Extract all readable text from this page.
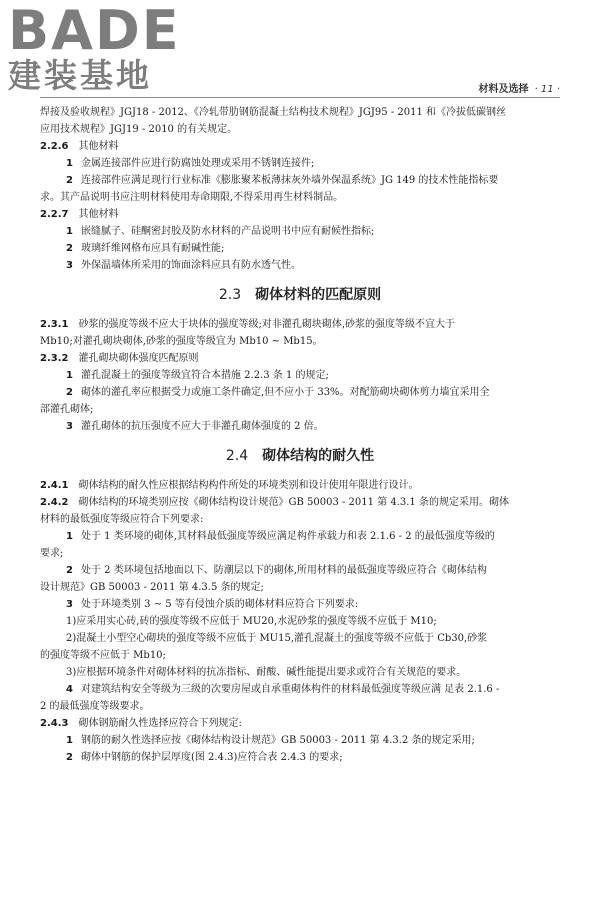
BADE
建装基地	材料及选择 · 11 ·

焊接及验收规程》JGJ18 - 2012、《冷轧带肋钢筋混凝土结构技术规程》JGJ95 - 2011 和《冷拔低碳钢丝

应用技术规程》JGJ19 - 2010 的有关规定。

2.2.6 其他材料

1 金属连接部件应进行防腐蚀处理或采用不锈钢连接件;

2 连接部件应满足现行行业标准《膨胀聚苯板薄抹灰外墙外保温系统》JG 149 的技术性能指标要

求。其产品说明书应注明材料使用寿命期限,不得采用再生材料制品。

2.2.7 其他材料

1 嵌缝腻子、硅酮密封胶及防水材料的产品说明书中应有耐候性指标;

2 玻璃纤维网格布应具有耐碱性能;

3 外保温墙体所采用的饰面涂料应具有防水透气性。

2.3 砌体材料的匹配原则

2.3.1 砂浆的强度等级不应大于块体的强度等级;对非灌孔砌块砌体,砂浆的强度等级不宜大于

Mb10;对灌孔砌块砌体,砂浆的强度等级宜为 Mb10 ~ Mb15。

2.3.2 灌孔砌块砌体强度匹配原则

1 灌孔混凝土的强度等级宜符合本措施 2.2.3 条 1 的规定;

2 砌体的灌孔率应根据受力或施工条件确定,但不应小于 33%。对配筋砌块砌体剪力墙宜采用全

部灌孔砌体;

3 灌孔砌体的抗压强度不应大于非灌孔砌体强度的 2 倍。

2.4 砌体结构的耐久性

2.4.1 砌体结构的耐久性应根据结构构件所处的环境类别和设计使用年限进行设计。

2.4.2 砌体结构的环境类别应按《砌体结构设计规范》GB 50003 - 2011 第 4.3.1 条的规定采用。砌体

材料的最低强度等级应符合下列要求:

1 处于 1 类环境的砌体,其材料最低强度等级应满足构件承载力和表 2.1.6 - 2 的最低强度等级的

要求;

2 处于 2 类环境包括地面以下、防潮层以下的砌体,所用材料的最低强度等级应符合《砌体结构

设计规范》GB 50003 - 2011 第 4.3.5 条的规定;

3 处于环境类别 3 ~ 5 等有侵蚀介质的砌体材料应符合下列要求:

1)应采用实心砖,砖的强度等级不应低于 MU20,水泥砂浆的强度等级不应低于 M10;

2)混凝土小型空心砌块的强度等级不应低于 MU15,灌孔混凝土的强度等级不应低于 Cb30,砂浆

的强度等级不应低于 Mb10;

3)应根据环境条件对砌体材料的抗冻指标、耐酸、碱性能提出要求或符合有关规范的要求。

4 对建筑结构安全等级为三级的次要房屋或自承重砌体构件的材料最低强度等级应满 足表 2.1.6 -

2 的最低强度等级要求。

2.4.3 砌体钢筋耐久性选择应符合下列规定:

1 钢筋的耐久性选择应按《砌体结构设计规范》GB 50003 - 2011 第 4.3.2 条的规定采用;

2 砌体中钢筋的保护层厚度(图 2.4.3)应符合表 2.4.3 的要求;
